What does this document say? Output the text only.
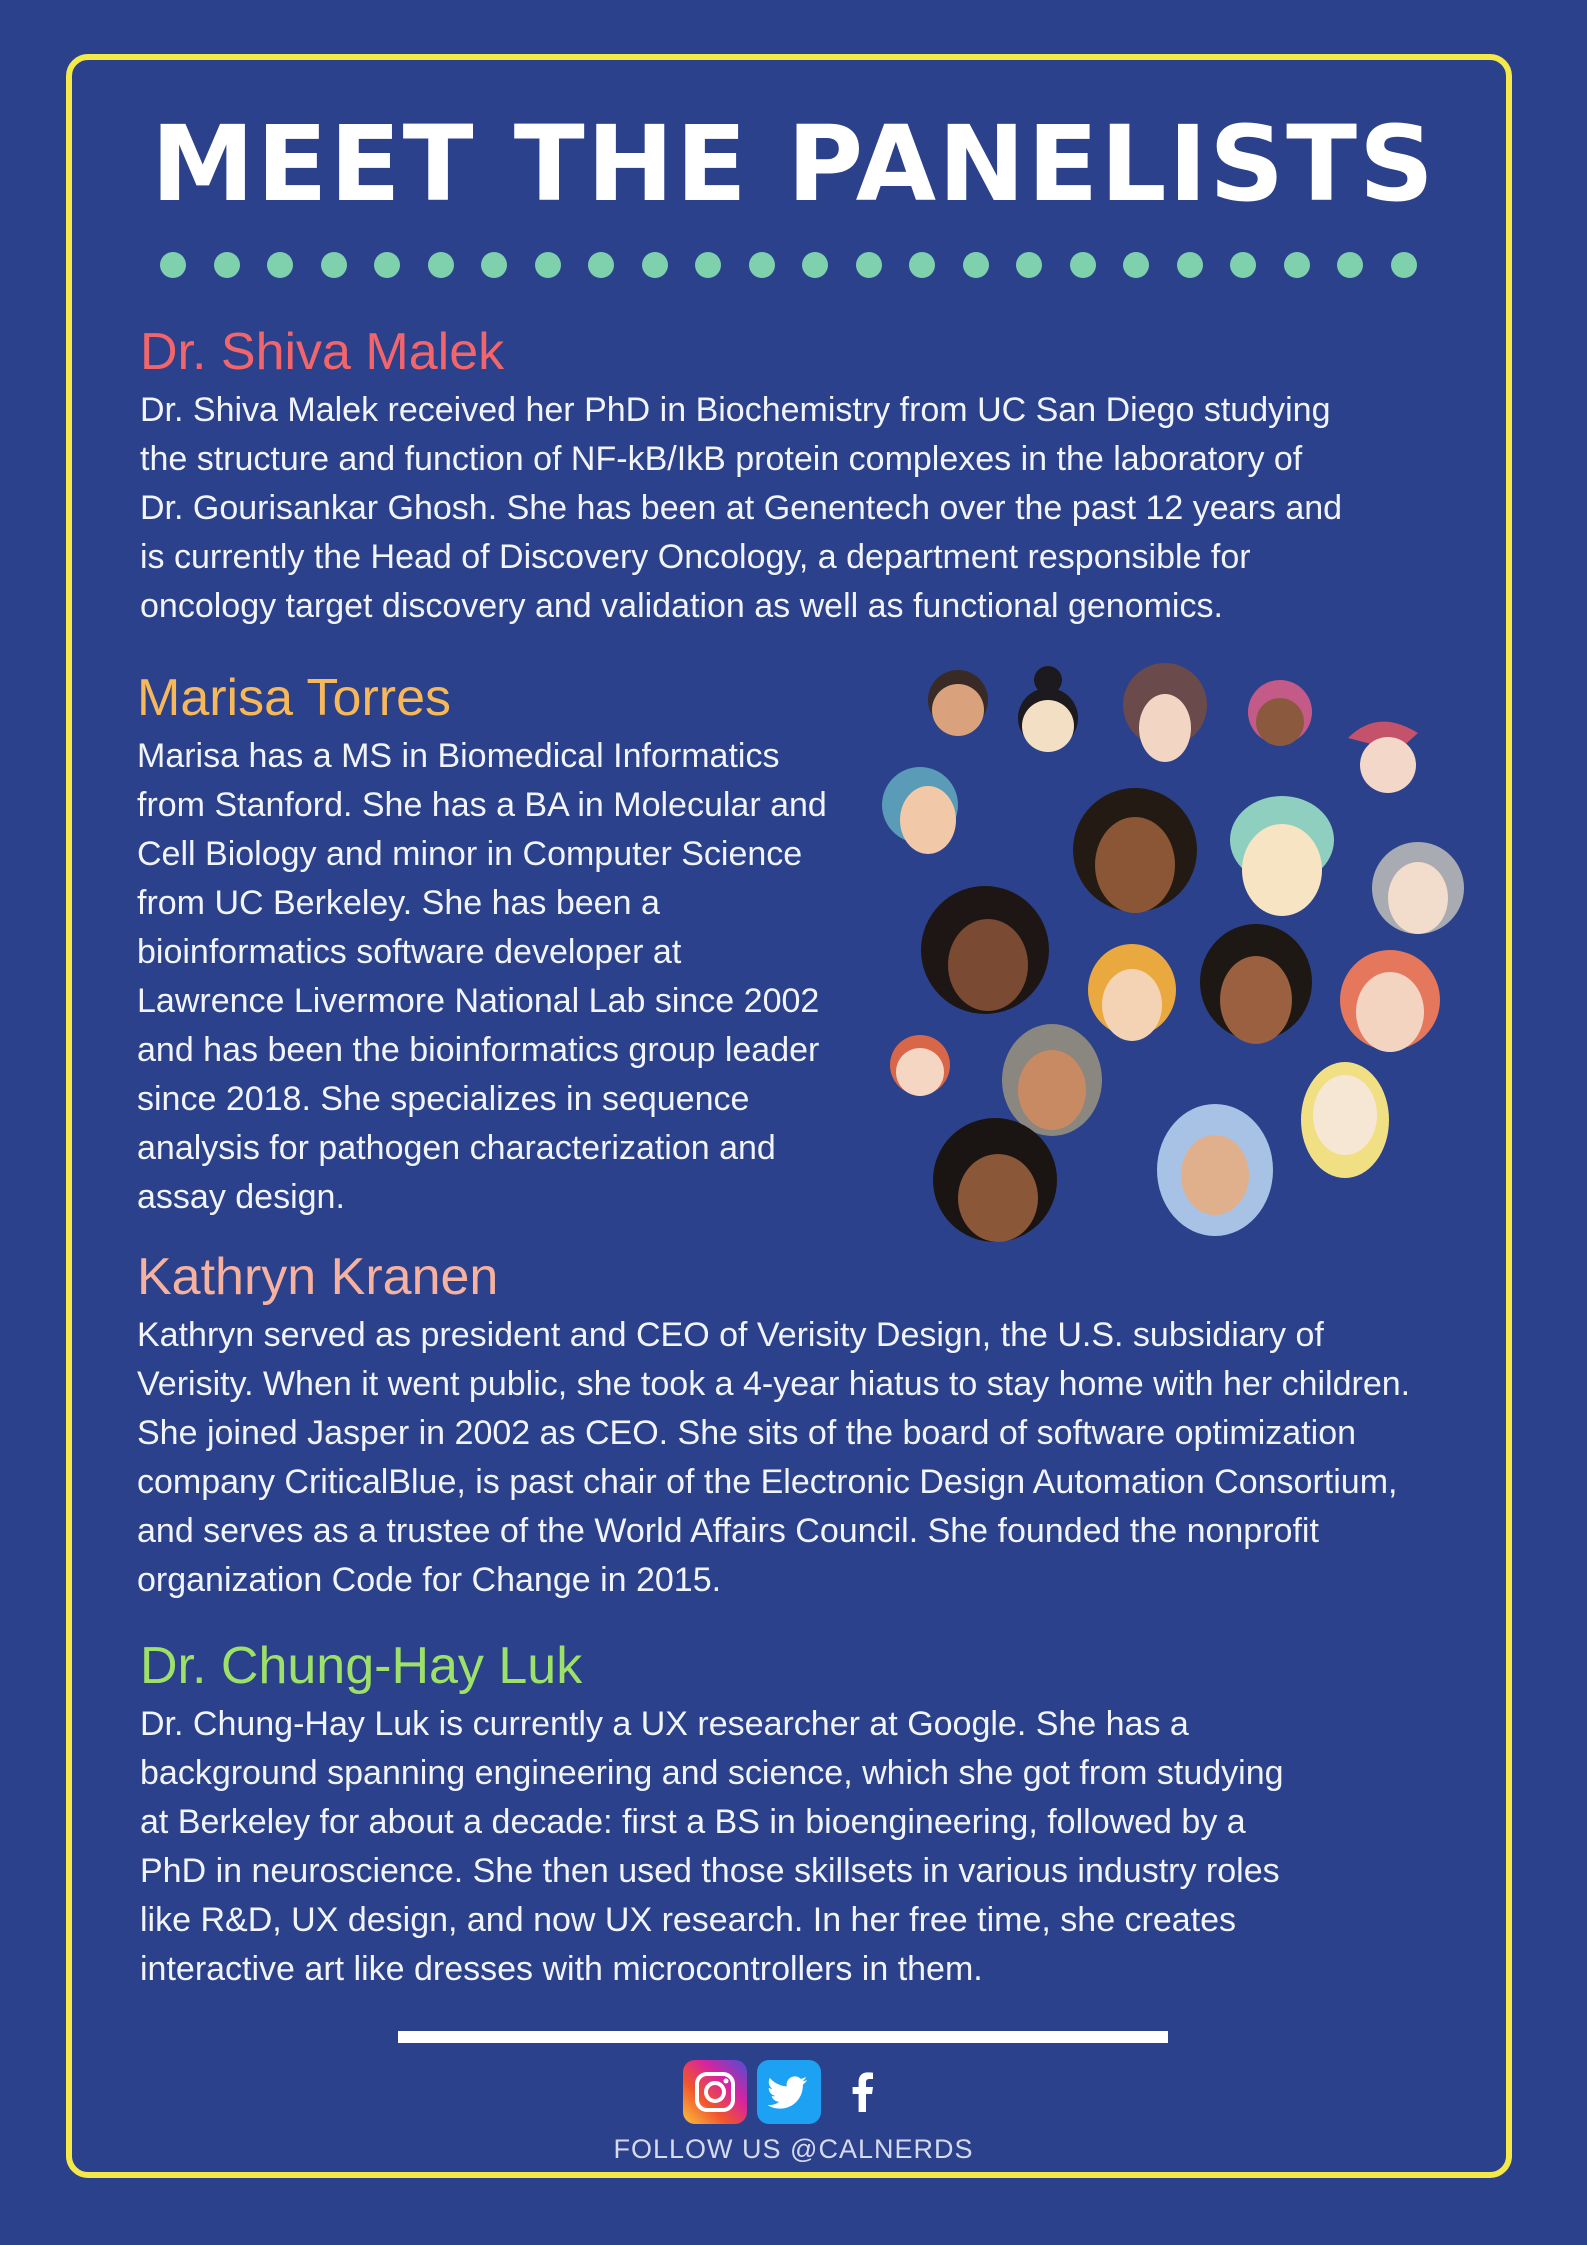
MEET THE PANELISTS
Dr. Shiva Malek
Dr. Shiva Malek received her PhD in Biochemistry from UC San Diego studying
the structure and function of NF-kB/IkB protein complexes in the laboratory of
Dr. Gourisankar Ghosh. She has been at Genentech over the past 12 years and
is currently the Head of Discovery Oncology, a department responsible for
oncology target discovery and validation as well as functional genomics.
Marisa Torres
Marisa has a MS in Biomedical Informatics
from Stanford. She has a BA in Molecular and
Cell Biology and minor in Computer Science
from UC Berkeley. She has been a
bioinformatics software developer at
Lawrence Livermore National Lab since 2002
and has been the bioinformatics group leader
since 2018. She specializes in sequence
analysis for pathogen characterization and
assay design.
Kathryn Kranen
Kathryn served as president and CEO of Verisity Design, the U.S. subsidiary of
Verisity. When it went public, she took a 4-year hiatus to stay home with her children.
She joined Jasper in 2002 as CEO. She sits of the board of software optimization
company CriticalBlue, is past chair of the Electronic Design Automation Consortium,
and serves as a trustee of the World Affairs Council. She founded the nonprofit
organization Code for Change in 2015.
Dr. Chung-Hay Luk
Dr. Chung-Hay Luk is currently a UX researcher at Google. She has a
background spanning engineering and science, which she got from studying
at Berkeley for about a decade: first a BS in bioengineering, followed by a
PhD in neuroscience. She then used those skillsets in various industry roles
like R&D, UX design, and now UX research. In her free time, she creates
interactive art like dresses with microcontrollers in them.

FOLLOW US @CALNERDS
